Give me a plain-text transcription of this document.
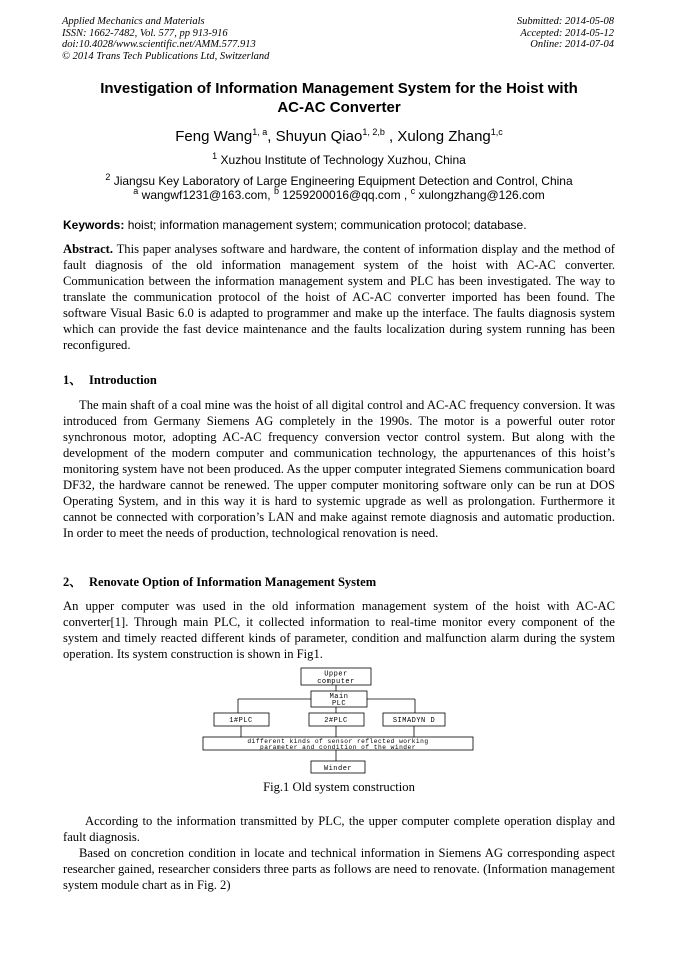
Applied Mechanics and Materials
ISSN: 1662-7482, Vol. 577, pp 913-916
doi:10.4028/www.scientific.net/AMM.577.913
© 2014 Trans Tech Publications Ltd, Switzerland
Submitted: 2014-05-08
Accepted: 2014-05-12
Online: 2014-07-04
Investigation of Information Management System for the Hoist with
AC-AC Converter
Feng Wang$^{1, a}$, Shuyun Qiao$^{1, 2,b}$ , Xulong Zhang$^{1,c}$
$^1$ Xuzhou Institute of Technology Xuzhou, China
$^2$ Jiangsu Key Laboratory of Large Engineering Equipment Detection and Control, China
$^a$ wangwf1231@163.com, $^b$ 1259200016@qq.com , $^c$ xulongzhang@126.com
Keywords: hoist; information management system; communication protocol; database.
Abstract. This paper analyses software and hardware, the content of information display and the method of fault diagnosis of the old information management system of the hoist with AC-AC converter. Communication between the information management system and PLC has been investigated. The way to translate the communication protocol of the hoist of AC-AC converter imported has been found. The software Visual Basic 6.0 is adapted to programmer and make up the interface. The faults diagnosis system which can provide the fast device maintenance and the faults localization during system running has been reconfigured.
1、 Introduction
The main shaft of a coal mine was the hoist of all digital control and AC-AC frequency conversion. It was introduced from Germany Siemens AG completely in the 1990s. The motor is a powerful outer rotor synchronous motor, adopting AC-AC frequency conversion vector control system. But along with the development of the modern computer and communication technology, the appurtenances of this hoist’s monitoring system have not been produced. As the upper computer integrated Siemens communication board DF32, the hardware cannot be renewed. The upper computer monitoring software only can be run at DOS Operating System, and in this way it is hard to systemic upgrade as well as prolongation. Furthermore it cannot be connected with corporation’s LAN and make against remote diagnosis and automatic production. In order to meet the needs of production, technological renovation is need.
2、 Renovate Option of Information Management System
An upper computer was used in the old information management system of the hoist with AC-AC converter[1]. Through main PLC, it collected information to real-time monitor every component of the system and timely reacted different kinds of parameter, condition and malfunction alarm during the system operation. Its system construction is shown in Fig1.
Upper
computer
Main
PLC
1#PLC	2#PLC	SIMADYN D
different kinds of sensor reflected working
parameter and condition of the winder
Winder
Fig.1 Old system construction
According to the information transmitted by PLC, the upper computer complete operation display and fault diagnosis.
Based on concretion condition in locate and technical information in Siemens AG corresponding aspect researcher gained, researcher considers three parts as follows are need to renovate. (Information management system module chart as in Fig. 2)
